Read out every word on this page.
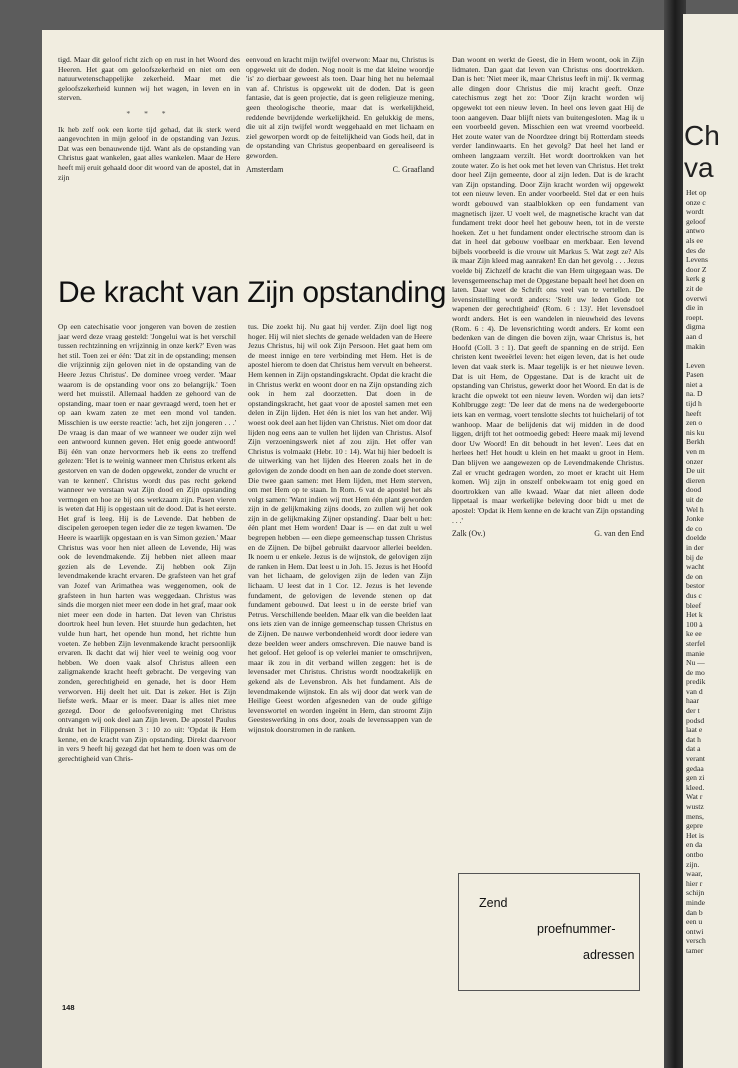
tigd. Maar dit geloof richt zich op en rust in het Woord des Heeren. Het gaat om geloofszekerheid en niet om een natuurwetenschappelijke zekerheid. Maar met die geloofszekerheid kunnen wij het wagen, in leven en in sterven.

* * *

Ik heb zelf ook een korte tijd gehad, dat ik sterk werd aangevochten in mijn geloof in de opstanding van Jezus. Dat was een benauwende tijd. Want als de opstanding van Christus gaat wankelen, gaat alles wankelen. Maar de Here heeft mij eruit gehaald door dit woord van de apostel, dat in zijn

eenvoud en kracht mijn twijfel overwon: Maar nu, Christus is opgewekt uit de doden. Nog nooit is me dat kleine woordje 'is' zo dierbaar geweest als toen. Daar hing het nu helemaal van af. Christus is opgewekt uit de doden. Dat is geen fantasie, dat is geen projectie, dat is geen religieuze mening, geen theologische theorie, maar dat is werkelijkheid, reddende bevrijdende werkelijkheid. En gelukkig de mens, die uit al zijn twijfel wordt weggehaald en met lichaam en ziel geworpen wordt op de feitelijkheid van Gods heil, dat in de opstanding van Christus geopenbaard en gerealiseerd is geworden.

Amsterdam	C. Graafland
De kracht van Zijn opstanding

Dan woont en werkt de Geest, die in Hem woont, ook in Zijn lidmaten. Dan gaat dat leven van Christus ons doortrekken. Dan is het: 'Niet meer ik, maar Christus leeft in mij'. Ik vermag alle dingen door Christus die mij kracht geeft. Onze catechismus zegt het zo: 'Door Zijn kracht worden wij opgewekt tot een nieuw leven. In heel ons leven gaat Hij de toon aangeven. Daar blijft niets van buitengesloten. Mag ik u een voorbeeld geven. Misschien een wat vreemd voorbeeld. Het zoute water van de Noordzee dringt bij Rotterdam steeds verder landinwaarts. En het gevolg? Dat heel het land er omheen langzaam verzilt. Het wordt doortrokken van het zoute water. Zo is het ook met het leven van Christus. Het trekt door heel Zijn gemeente, door al zijn leden. Dat is de kracht van Zijn opstanding. Door Zijn kracht worden wij opgewekt tot een nieuw leven. En ander voorbeeld. Stel dat er een huis wordt gebouwd van staalblokken op een fundament van magnetisch ijzer. U voelt wel, de magnetische kracht van dat fundament trekt door heel het gebouw heen, tot in de verste hoeken. Zet u het fundament onder electrische stroom dan is dat in heel dat gebouw voelbaar en merkbaar. Een levend bijbels voorbeeld is die vrouw uit Markus 5. Wat zegt ze? Als ik maar Zijn kleed mag aanraken! En dan het gevolg . . . Jezus voelde bij Zichzelf de kracht die van Hem uitgegaan was. De levensgemeenschap met de Opgestane bepaalt heel het doen en laten. Daar weet de Schrift ons veel van te vertellen. De levensinstelling wordt anders: 'Stelt uw leden Gode tot wapenen der gerechtigheid' (Rom. 6 : 13)'. Het levensdoel wordt anders. Het is een wandelen in nieuwheid des levens (Rom. 6 : 4). De levensrichting wordt anders. Er komt een bedenken van de dingen die boven zijn, waar Christus is, het Hoofd (Coll. 3 : 1). Dat geeft de spanning en de strijd. Een christen kent tweeërlei leven: het eigen leven, dat is het oude leven dat vaak sterk is. Maar tegelijk is er het nieuwe leven. Dat is uit Hem, de Opgestane. Dat is de kracht uit de opstanding van Christus, gewerkt door het Woord. En dat is de kracht die opwekt tot een nieuw leven. Worden wij dan iets? Kohlbrugge zegt: 'De leer dat de mens na de wedergeboorte iets kan en vermag, voert tenslotte slechts tot huichelarij of tot wanhoop. Maar de belijdenis dat wij midden in de dood liggen, drijft tot het ootmoedig gebed: Heere maak mij levend door Uw Woord! En dit behoudt in het leven'. Lees dat en herlees het! Het houdt u klein en het maakt u groot in Hem. Dan blijven we aangewezen op de Levendmakende Christus. Zal er vrucht gedragen worden, zo moet er kracht uit Hem komen. Wij zijn in onszelf onbekwaam tot enig goed en doortrokken van alle kwaad. Waar dat niet alleen dode lippetaal is maar werkelijke beleving door bidt u met de apostel: 'Opdat ik Hem kenne en de kracht van Zijn opstanding . . .'

Zalk (Ov.)	G. van den End

Op een catechisatie voor jongeren van boven de zestien jaar werd deze vraag gesteld: 'Jongelui wat is het verschil tussen rechtzinning en vrijzinnig in onze kerk?' Even was het stil. Toen zei er één: 'Dat zit in de opstanding; mensen die vrijzinnig zijn geloven niet in de opstanding van de Heere Jezus Christus'. De dominee vroeg verder. 'Maar waarom is de opstanding voor ons zo belangrijk.' Toen werd het muisstil. Allemaal hadden ze gehoord van de opstanding, maar toen er naar gevraagd werd, toen het er op aan kwam zaten ze met een mond vol tanden. Misschien is uw eerste reactie: 'ach, het zijn jongeren . . .' De vraag is dan maar of we wanneer we ouder zijn wel een antwoord kunnen geven. Het enig goede antwoord! Bij één van onze hervormers heb ik eens zo treffend gelezen: 'Het is te weinig wanneer men Christus erkent als gestorven en van de doden opgewekt, zonder de vrucht er van te kennen'. Christus wordt dus pas recht gekend wanneer we verstaan wat Zijn dood en Zijn opstanding vermogen en hoe ze bij ons werkzaam zijn. Pasen vieren is weten dat Hij is opgestaan uit de dood. Dat is het eerste. Het graf is leeg. Hij is de Levende. Dat hebben de discipelen geroepen tegen ieder die ze tegen kwamen. 'De Heere is waarlijk opgestaan en is van Simon gezien.' Maar Christus was voor hen niet alleen de Levende, Hij was ook de levendmakende. Zij hebben niet alleen maar gezien als de Levende. Zij hebben ook Zijn levendmakende kracht ervaren. De grafsteen van het graf van Jozef van Arimathea was weggenomen, ook de grafsteen in hun harten was weggedaan. Christus was sinds die morgen niet meer een dode in het graf, maar ook niet meer een dode in harten. Dat leven van Christus doortrok heel hun leven. Het stuurde hun gedachten, het vulde hun hart, het opende hun mond, het richtte hun voeten. Ze hebben Zijn levenmakende kracht persoonlijk ervaren. Ik dacht dat wij hier veel te weinig oog voor hebben. We doen vaak alsof Christus alleen een zaligmakende kracht heeft gebracht. De vergeving van zonden, gerechtigheid en genade, het is door Hem verworven. Hij deelt het uit. Dat is zeker. Het is Zijn liefste werk. Maar er is meer. Daar is alles niet mee gezegd. Door de geloofsvereniging met Christus ontvangen wij ook deel aan Zijn leven. De apostel Paulus drukt het in Filippensen 3 : 10 zo uit: 'Opdat ik Hem kenne, en de kracht van Zijn opstanding. Direkt daarvoor in vers 9 heeft hij gezegd dat het hem te doen was om de gerechtigheid van Chris-

tus. Die zoekt hij. Nu gaat hij verder. Zijn doel ligt nog hoger. Hij wil niet slechts de genade weldaden van de Heere Jezus Christus, hij wil ook Zijn Persoon. Het gaat hem om de meest innige en tere verbinding met Hem. Het is de apostel hierom te doen dat Christus hem vervult en beheerst. Hem kennen in Zijn opstandingskracht. Opdat die kracht die in Christus werkt en woont door en na Zijn opstanding zich ook in hem zal doorzetten. Dat doen in de opstandingskracht, het gaat voor de apostel samen met een delen in Zijn lijden. Het één is niet los van het ander. Wij woest ook deel aan het lijden van Christus. Niet om door dat lijden nog eens aan te vullen het lijden van Christus. Alsof Zijn verzoeningswerk niet af zou zijn. Het offer van Christus is volmaakt (Hebr. 10 : 14). Wat hij hier bedoelt is de uitwerking van het lijden des Heeren zoals het in de gelovigen de zonde doodt en hen aan de zonde doet sterven. Die twee gaan samen: met Hem lijden, met Hem sterven, om met Hem op te staan. In Rom. 6 vat de apostel het als volgt samen: 'Want indien wij met Hem één plant geworden zijn in de gelijkmaking zijns doods, zo zullen wij het ook zijn in de gelijkmaking Zijner opstanding'. Daar belt u het: één plant met Hem worden! Daar is — en dat zult u wel begrepen hebben — een diepe gemeenschap tussen Christus en de Zijnen. De bijbel gebruikt daarvoor allerlei beelden. Ik noem u er enkele. Jezus is de wijnstok, de gelovigen zijn de ranken in Hem. Dat leest u in Joh. 15. Jezus is het Hoofd van het lichaam, de gelovigen zijn de leden van Zijn lichaam. U leest dat in 1 Cor. 12. Jezus is het levende fundament, de gelovigen de levende stenen op dat fundament gebouwd. Dat leest u in de eerste brief van Petrus. Verschillende beelden. Maar elk van die beelden laat ons iets zien van de innige gemeenschap tussen Christus en de Zijnen. De nauwe verbondenheid wordt door iedere van deze beelden weer anders omschreven. Die nauwe band is het geloof. Het geloof is op velerlei manier te omschrijven, maar ik zou in dit verband willen zeggen: het is de levensader met Christus. Christus wordt noodzakelijk en gekend als de Levensbron. Als het fundament. Als de levendmakende wijnstok. En als wij door dat werk van de Heilige Geest worden afgesneden van de oude giftige levenswortel en worden ingeënt in Hem, dan stroomt Zijn Geesteswerking in ons door, zoals de levenssappen van de wijnstok doorstromen in de ranken.

Zend
proefnummer-
adressen
148
Ch
va
Het op
onze c
wordt
geloof
antwo
als ee
des de
Levens
door Z
kerk g
zit de
overwi
die in
roept.
digma
aan d
makin

Leven
Pasen
niet a
na. D
tijd h
heeft
zen o
nis ku
Berkh
ven m
onzer
De uit
dieren
dood
uit de
Wel h
Jonke
de co
doelde
in der
bij de
wacht
de on
bestor
dus c
bleef
Het k
100 à
ke ee
sterfel
manie
Nu —
de mo
predik
van d
haar
der t
podsd
laat e
dat h
dat a
verant
gedaa
gen zi
kleed.
Wat r
wustz
mens,
gepre
Het is
en da
ontbo
zijn.
waar,
hier r
schijn
minde
dan b
een u
ontwi
versch
tamer
